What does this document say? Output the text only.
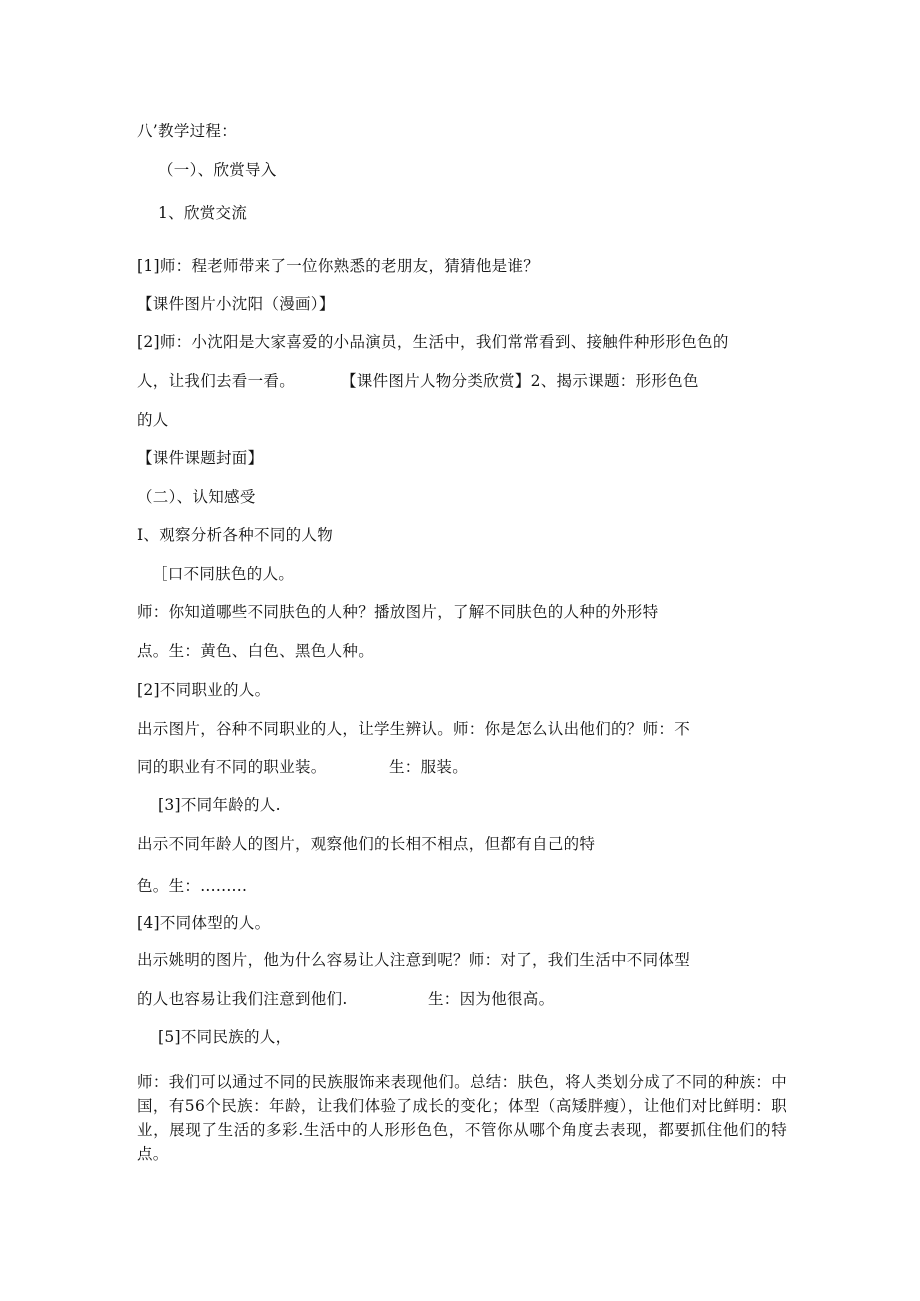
八’教学过程：
（一）、欣赏导入
1、欣赏交流
[1]师：程老师带来了一位你熟悉的老朋友，猜猜他是谁？
【课件图片小沈阳（漫画）】
[2]师：小沈阳是大家喜爱的小品演员，生活中，我们常常看到、接触件种形形色色的
人，让我们去看一看。	【课件图片人物分类欣赏】2、揭示课题：形形色色
的人
【课件课题封面】
（二）、认知感受
I、观察分析各种不同的人物
［口不同肤色的人。
师：你知道哪些不同肤色的人种？播放图片，了解不同肤色的人种的外形特
点。生：黄色、白色、黑色人种。
[2]不同职业的人。
出示图片，谷种不同职业的人，让学生辨认。师：你是怎么认出他们的？师：不
同的职业有不同的职业装。	生：服装。
[3]不同年龄的人.
出示不同年龄人的图片，观察他们的长相不相点，但都有自己的特
色。生：.........
[4]不同体型的人。
出示姚明的图片，他为什么容易让人注意到呢？师：对了，我们生活中不同体型
的人也容易让我们注意到他们.	生：因为他很高。
[5]不同民族的人，
师：我们可以通过不同的民族服饰来表现他们。总结：肤色，将人类划分成了不同的种族：中国，有56个民族：年龄，让我们体验了成长的变化；体型（高矮胖瘦），让他们对比鲜明：职业，展现了生活的多彩.生活中的人形形色色，不管你从哪个角度去表现，都要抓住他们的特点。
